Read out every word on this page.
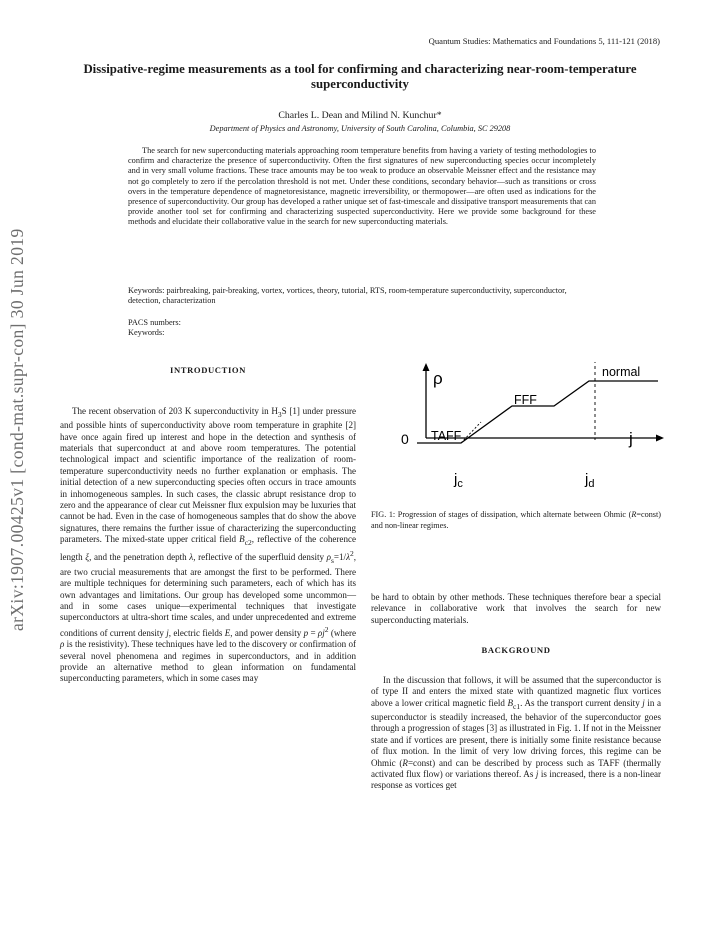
Quantum Studies: Mathematics and Foundations 5, 111-121 (2018)
arXiv:1907.00425v1 [cond-mat.supr-con] 30 Jun 2019
Dissipative-regime measurements as a tool for confirming and characterizing near-room-temperature superconductivity
Charles L. Dean and Milind N. Kunchur*
Department of Physics and Astronomy, University of South Carolina, Columbia, SC 29208

The search for new superconducting materials approaching room temperature benefits from having a variety of testing methodologies to confirm and characterize the presence of superconductivity. Often the first signatures of new superconducting species occur incompletely and in very small volume fractions. These trace amounts may be too weak to produce an observable Meissner effect and the resistance may not go completely to zero if the percolation threshold is not met. Under these conditions, secondary behavior—such as transitions or cross overs in the temperature dependence of magnetoresistance, magnetic irreversibility, or thermopower—are often used as indications for the presence of superconductivity. Our group has developed a rather unique set of fast-timescale and dissipative transport measurements that can provide another tool set for confirming and characterizing suspected superconductivity. Here we provide some background for these methods and elucidate their collaborative value in the search for new superconducting materials.

Keywords: pairbreaking, pair-breaking, vortex, vortices, theory, tutorial, RTS, room-temperature superconductivity, superconductor, detection, characterization

PACS numbers:
Keywords:
INTRODUCTION

The recent observation of 203 K superconductivity in $H_3S$ [1] under pressure and possible hints of superconductivity above room temperature in graphite [2] have once again fired up interest and hope in the detection and synthesis of materials that superconduct at and above room temperatures. The potential technological impact and scientific importance of the realization of room-temperature superconductivity needs no further explanation or emphasis. The initial detection of a new superconducting species often occurs in trace amounts in inhomogeneous samples. In such cases, the classic abrupt resistance drop to zero and the appearance of clear cut Meissner flux expulsion may be luxuries that cannot be had. Even in the case of homogeneous samples that do show the above signatures, there remains the further issue of characterizing the superconducting parameters. The mixed-state upper critical field $B_{c2}$, reflective of the coherence length ξ, and the penetration depth λ, reflective of the superfluid density $\rho_s=1/\lambda^2$, are two crucial measurements that are amongst the first to be performed. There are multiple techniques for determining such parameters, each of which has its own advantages and limitations. Our group has developed some uncommon—and in some cases unique—experimental techniques that investigate superconductors at ultra-short time scales, and under unprecedented and extreme conditions of current density j, electric fields E, and power density $p = \rho j^2$ (where ρ is the resistivity). These techniques have led to the discovery or confirmation of several novel phenomena and regimes in superconductors, and in addition provide an alternative method to glean information on fundamental superconducting parameters, which in some cases may

ρ
j
0 TAFF
FFF
normal
$j_c$	$j_d$

FIG. 1: Progression of stages of dissipation, which alternate between Ohmic (R=const) and non-linear regimes.

be hard to obtain by other methods. These techniques therefore bear a special relevance in collaborative work that involves the search for new superconducting materials.

BACKGROUND

In the discussion that follows, it will be assumed that the superconductor is of type II and enters the mixed state with quantized magnetic flux vortices above a lower critical magnetic field $B_{c1}$. As the transport current density j in a superconductor is steadily increased, the behavior of the superconductor goes through a progression of stages [3] as illustrated in Fig. 1. If not in the Meissner state and if vortices are present, there is initially some finite resistance because of flux motion. In the limit of very low driving forces, this regime can be Ohmic (R=const) and can be described by process such as TAFF (thermally activated flux flow) or variations thereof. As j is increased, there is a non-linear response as vortices get
